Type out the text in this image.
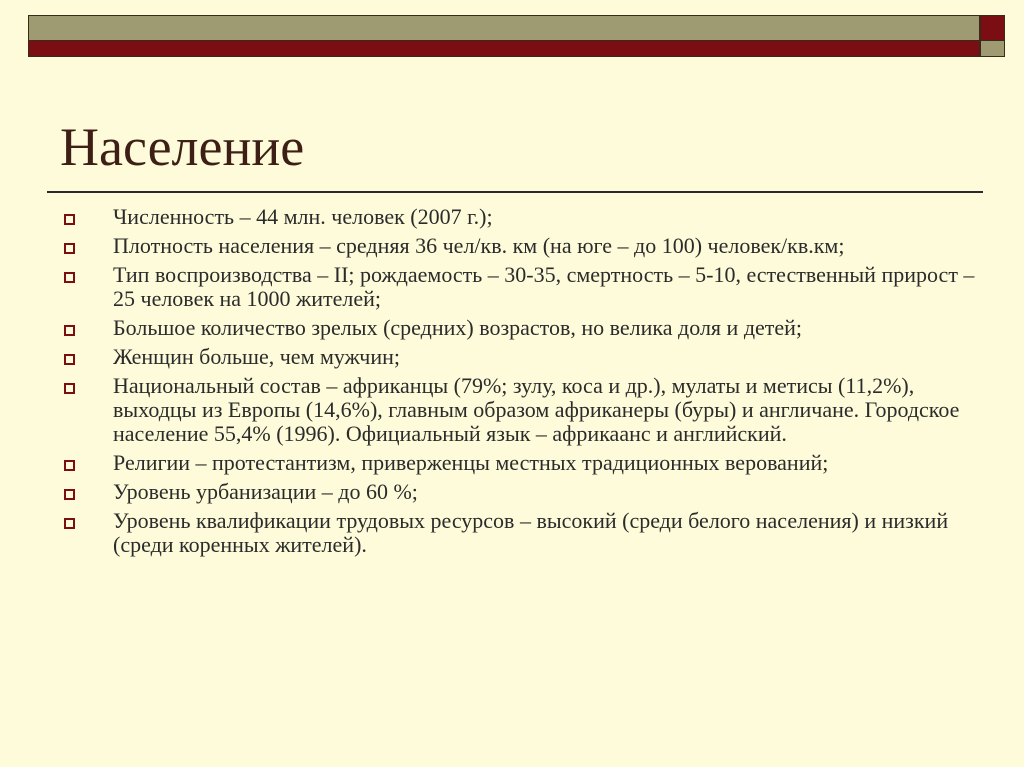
Население
Численность – 44 млн. человек (2007 г.);
Плотность населения – средняя 36 чел/кв. км (на юге – до 100) человек/кв.км;
Тип воспроизводства – II; рождаемость – 30-35, смертность – 5-10, естественный прирост – 25 человек на 1000 жителей;
Большое количество зрелых (средних) возрастов, но велика доля и детей;
Женщин больше, чем мужчин;
Национальный состав – африканцы (79%; зулу, коса и др.), мулаты и метисы (11,2%), выходцы из Европы (14,6%), главным образом африканеры (буры) и англичане. Городское население 55,4% (1996). Официальный язык – африкаанс и английский.
Религии – протестантизм, приверженцы местных традиционных верований;
Уровень урбанизации – до 60 %;
Уровень квалификации трудовых ресурсов – высокий (среди белого населения) и низкий (среди коренных жителей).
